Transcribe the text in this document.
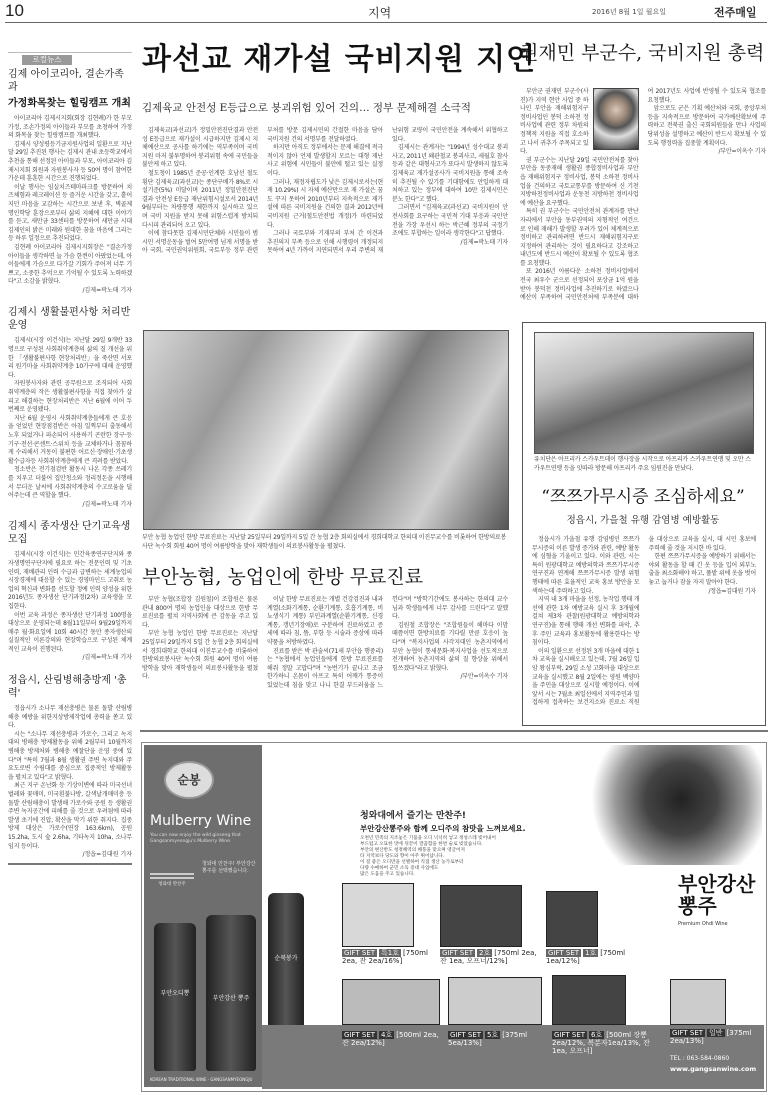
10	지역	2016년 8월 1일 월요일	전주매일
로컬뉴스
김제 아이코리아, 결손가족과
가정화목찾는 힐링캠프 개최

아이코리아 김제시지회(회장 김현례)가 한 부모 가정, 조손가정의 아이들과 부모를 초청하여 가정의 화목을 찾는 힐링캠프를 개최했다.

김제시 양성평등기금지원사업의 일환으로 지난달 29일 추진된 행사는 김제시 관내 초등학교에서 추천을 통해 선정된 아이들과 부모, 아이코리아 김제시지회 회원과 자원봉사자 등 50여 명이 참여한 가운데 훈훈한 시간으로 진행되었다.

이날 행사는 임실치즈테마파크를 방문하여 치즈체험과 레크레이션 등 즐거운 시간을 갖고, 흩어지던 마음을 교감하는 시간으로 보낸 후, 벽골제 명인학당 훈장으로부터 삶의 지혜에 대한 이야기를 듣고, 새만금 33센터를 방문하여 새만금 시대 김제인의 밝은 미래와 원대한 꿈을 마음에 그리는 등 하루 일정으로 추진되었다.

김현례 아이코리아 김제시지회장은 "결손가정 아이들을 생각하면 늘 가슴 한켠이 아팠었는데, 아이들에게 가슴으로 다가갈 기회가 주어져 너무 기쁘고, 소중한 추억으로 기억될 수 있도록 노력하겠다"고 소감을 밝혔다.

/김제=곽노태 기자
김제시 생활불편사항 처리반 운영

김제시(시장 이건식)는 지난달 29일 9개반 33명으로 구성된 사회취약계층의 삶의 질 개선을 위한 「생활불편사항 현장처리반」을 죽산면 서포리 원기마을 사회취약계층 10가구에 대해 운영했다.

자원봉사자와 관련 공무원으로 조직되어 사회취약계층의 작은 생활불편사항을 직접 찾아가 살피고 해결하는 현장처리반은 지난 6월에 이어 두 번째로 운영됐다.

지난 6월 운영시 사회취약계층들에게 큰 호응을 얻었던 현장점검반은 아침 일찍부터 출동해서 노후 되었거나 파손되어 사용하기 곤란한 장구·등기구·전선·콘센트·스위치 등을 교체하거나 꼼꼼하게 수리해서 거동이 불편한 어르신·장애인·기초생활수급자등 사회취약계층에게 큰 격려를 받았다.

청소반은 전기점검반 활동시 나온 각종 쓰레기를 치우고 더불어 집안청소와 정리정돈을 시행해서 무더운 날씨에 사회취약계층의 수고로움을 덜어주는데 큰 역할을 했다.

/김제=곽노태 기자
김제시 종자생산 단기교육생 모집

김제시(시장 이건식)는 민간육종연구단지와 종자생명연구단지에 필요로 하는 전문인력 및 기초인력, 재배관리 인력 수급과 급변하는 세계농업의 시장경제에 대응할 수 있는 경영마인드 고취로 농업의 혁신과 변화를 선도할 정예 인력 양성을 위한 2016년도 종자생산 단기과정(2차) 교육생을 모집한다.

이번 교육 과정은 종자생산 단기과정 100명을 대상으로 운영되는데 8월11일부터 9월29일까지 매주 월·화요일에 10회 40시간 동안 종자생산의 실질적인 이론강의와 현장학습으로 구성된 체계적인 교육이 진행된다.

/김제=곽노태 기자
정읍시, 산림병해충방제 '총력'

정읍시가 소나무 재선충병은 물론 돌발 산림병해충 예방을 위한지상방제작업에 총력을 쏟고 있다.

시는 "소나무 재선충병과 가로수, 그리고 녹지대의 병해충 방제활동을 위해 2월부터 10월까지 병해충 방제처와 병해충 예찰단을 운영 중에 있다"며 "특히 7월과 8월 생활권 주변 녹지대와 주요도로변 수림대를 중심으로 집중적인 방제활동을 펼치고 있다"고 밝혔다.

최근 지구 온난화 등 기상이변에 따라 미국선녀벌레와 꽃매미, 미국흰불나방, 갈색날개매미충 등 돌발 산림해충이 발생해 가로수와 공원 등 생활권 주변 녹지공간에 피해를 줄 것으로 우려됨에 따라 발생 초기에 진압, 확산을 막기 위한 취지다. 집중방제 대상은 가로수(연장 163.6km), 공원 15.2ha, 도시 숲 2.6ha, 기타녹지 10ha, 소나무 임지 등이다.

/정읍=김대원 기자
과선교 재가설 국비지원 지연
김제육교 안전성 E등급으로 붕괴위험 있어 건의… 정부 문제해결 소극적

김제육교(과선교)가 정밀안전진단결과 안전성 E등급으로 재가설이 시급하지만 김제시 지체예산으로 공사를 하기에는 역부족이며 국비지원 마저 불투명하여 붕괴위험 속에 국민들을 불안케 하고 있다.

철도청이 1985년 준공·인계한 호남선 철도횡단 김제육교(과선교)는 종단구배가 8%로 시설기준(5%) 미달이며 2011년 정밀안전진단결과 안전성 E등급 재난위험시설로서 2014년 9월부터는 차량통행 제한까지 실시하고 있으며 국비 지원을 받지 못해 위험스럽게 방치되다시피 관리되어 오고 있다.

이에 참다못한 김제시민단체와 시민들이 범시민 서명운동을 벌여 5만여명 넘게 서명을 받아 국회, 국민권익위원회, 국토부등 정부 관련 부처를 방문 김제시민의 간절한 마음을 담아 국비지원 건의 서명부를 전달하였다.

하지만 아직도 정부에서는 문제 해결에 적극적이지 않아 언제 발생할지 모르는 대형 재난사고 위험에 시민들이 불안에 떨고 있는 실정이다.

그러나, 재정자립도가 낮은 김제시로서는(현재 10.29%) 시 자체 예산만으로 재 가설은 꿈도 꾸지 못하여 2010년부터 지속적으로 재가설에 따른 국비지원을 건의한 결과 2012년에 국비지원 근거(철도안전법 개정)가 마련되었다.

그러나 국토부와 기재부의 부처 간 이견과 추진의지 부족 등으로 인해 시행령이 개정되지 못하여 4년 가까이 지연되면서 우리 주변의 재난위험 교량이 국민안전을 계속해서 위협하고 있다.

김제시는 관계자는 "1994년 성수대교 붕괴사고, 2011년 왜관철교 붕괴사고, 세월호 참사 등과 같은 대형사고가 또다시 발생하지 않도록 김제육교 재가설공사가 국비지원을 통해 조속히 추진될 수 있기를 기대함에도 안일하게 대처하고 있는 정부에 대하여 10만 김제시민은 분노 한다"고 했다.

그러면서 "김제육교(과선교) 국비지원이 안전사회를 요구하는 국민적 기대 부응과 국민안전을 가장 우선시 하는 박근혜 정부의 국정기조에도 부합하는 일이라 생각한다"고 답했다.

/김제=곽노태 기자
부안 농협 농업인 한방 무료진료는 지난달 25일부터 29일까지 5일 간 농협 2층 회의실에서 경희대학교 한의대 이진무교수를 비롯하여 한방의료봉사단 녹수회 회원 40여 명이 여름방학을 맞아 재학생들이 의료봉사활동을 펼쳤다.
부안농협, 농업인에 한방 무료진료

부안 농협(조합장 김원철)이 조합원은 물론 관내 800여 명의 농업인을 대상으로 한방 무료진료를 펼쳐 지역사회에 큰 감동을 주고 있다.

부안 농협 농업인 한방 무료진료는 지난달 25일부터 29일까지 5일 간 농협 2층 회의실에서 경희대학교 한의대 이진무교수를 비롯하여 한방의료봉사단 녹수회 회원 40여 명이 여름방학을 맞아 재학생들이 의료봉사활동을 펼쳤다.

이날 한방 무료진료는 개별 건강검진과 내과계열(소화기계통, 순환기계통, 호흡기계통, 비뇨생식기 계통) 부인과계열(순환기계통, 신경계통, 갱년기장애)로 구분하여 진료하였고 증세에 따라 침, 뜸, 부항 등 시술과 증상에 따라 약품을 처방하였다.

진료를 받은 박 관술씨(71세 부안읍 행중리)는 "농협에서 농업인들에게 한방 무료진료를 해줘 정말 고맙다"며 "농번기가 끝나고 조금 한가하니 온몸이 아프고 특히 어깨가 통증이 있었는데 침을 맞고 나니 한결 부드러움을 느낀다"며 "방학기간에도 봉사하는 한의대 교수님과 학생들에게 너무 감사를 드린다"고 말했다.

김원철 조합장은 "조합원들이 해마다 이맘때쯤이면 한방치료를 기다릴 만큼 호응이 높다"며 "복지사업의 사각지대인 농촌지역에서 부안 농협이 통세문화·복지사업을 선도적으로 전개하여 농촌지역의 삶의 질 향상을 위해서 힘쓰겠다"라고 밝혔다.

/부안=이옥수 기자
권재민 부군수, 국비지원 총력

부안군 권재민 부군수(사진)가 지역 현안 사업 중 하나인 부안읍 재해위험지구 정비사업인 봉덕 소하천 정비사업에 관련 정부 차원의 정책적 지원을 직접 호소하고 나서 귀추가 주목되고 있다.

권 부군수는 지난달 29일 국민안전처를 찾아 부안읍 동중재해 생활권 종합정비사업과 부안읍 재해위험지구 정비사업, 봉덕 소하천 정비사업을 건의하고 국토교통부를 방문하여 신 기천 지방하천정비사업과 운동천 지방하천 정비사업에 예산을 요구했다.

특히 권 부군수는 국민안전처 관계자를 만난 자리에서 부안읍 동부권역의 지형적인 여건으로 인해 재해가 발생할 우려가 있어 체계적으로 정비하고 관리하려면 반드시 재해위험지구로 지정하여 관리하는 것이 필요하다고 강조하고 내년도에 반드시 예산이 확보될 수 있도록 협조를 요청했다.

또 2016년 아름다운 소하천 정비사업에서 전국 최우수 군으로 선정되어 포상금 1억 원을 받아 봉덕천 정비사업에 추진하기로 하였으나 예산이 부족하여 국민안전처에 부족분에 대하여 2017년도 사업에 반영될 수 있도록 협조를 요청했다.

앞으로도 군은 기획 예산처와 국회, 중앙부처 등을 지속적으로 방문하여 국가예산확보에 주력하고 전북권 출신 국회의원들을 만나 사업의 당위성을 설명하고 예산이 반드시 확보될 수 있도록 행정력을 집중할 계획이다.

/부안=이옥수 기자
유치단은 아프리카 스카우트데이 행사장을 시작으로 아프리카 스카우트연맹 및 오만 스카우트연맹 등을 잇따라 방문해 아프리카 주요 임원진을 만났다.
“쯔쯔가무시증 조심하세요”
정읍시, 가을철 유행 감염병 예방활동

정읍시가 가을철 유행 감염병인 쯔쯔가무시증의 이른 발생 증가와 관련, 예방 활동에 심혈을 기울이고 있다. 이와 관련, 시는 특히 원광대학교 예방의학과 쯔쯔가무시증 연구진과 연계해 쯔쯔가무시증 발생 위험 행태에 따른 효율적인 교육 홍보 방안을 모색하는데 주력하고 있다.

지역 내 3개 마을을 선정, 농작업 행태 개선에 관한 1차 예방교육 실시 후 3개월에 걸쳐 제3차 관찰(원광대학교 예방의학과 연구진)을 통해 행태 개선 변화를 파악, 추후 주민 교육과 홍보활동에 활용한다는 방침이다.

이의 일환으로 선정된 3개 마을에 대한 1차 교육을 실시해오고 있는데, 7월 26일 입암 왕심부락, 29일 소성 고화마을 대상으로 교육을 실시했고 8월 2일에는 영원 백양마을 주민을 대상으로 실시할 예정이다. 이에 앞서 시는 7월초 최일선에서 지역주민과 밀접하게 접촉하는 보건지소와 진료소 직원을 대상으로 교육을 실시, 대 시민 홍보에 주력해 줄 것을 지시한 바 있다.

한편 쯔쯔가무시증을 예방하기 위해서는 야외 활동을 할 때 긴 옷 등을 입어 외부노출을 최소화해야 하고, 풀밭 위에 옷을 벗어놓고 눕거나 잠을 자지 말아야 한다.

/정읍=김대원 기자
순봉
Mulberry Wine
You can now enjoy the wild ginseng that Gangsanmyeongju's Mulberry Wine.
청와대 만찬주
청와대 만찬주! 부안강산뽕주를 선택했습니다.
부안오디뽕
부안강산 뽕주
KOREAN TRADITIONAL WINE · GANGSANMYEONGJU
청와대에서 즐기는 만찬주!
부안강산뽕주와 함께 오디주의 참맛을 느껴보세요.
오천년 민족의 지조놓은 기품을 오디 넉넉히 넣고 정성스레 빚어내어
부드럽고 오묘한 맛에 뒤끝이 깔끔함을 한번 술로 빚었습니다.
부안의 변산반도 청정해역의 해풍을 맞으며 영글어져
타 지역보다 당도와 향이 아주 뛰어납니다.
이 질 좋은 오디만을 선별하여 직접 생산 농가로부터
다량 수매하여 군민 소득 증대 사업에도
많은 도움을 주고 있습니다.
순북봉가
GIFT SET 특1호 [750ml 2ea, 잔 2ea/16%]
GIFT SET 2호 [750ml 2ea, 잔 1ea, 오프너/12%]
GIFT SET 1호 [750ml 1ea/12%]
부안강산 뽕주
Premium Ohdi Wine
GIFT SET 4호 [500ml 2ea, 잔 2ea/12%]
GIFT SET 5호 [375ml 5ea/13%]
GIFT SET 6호 [500ml 장뽕2ea/12%, 복분자1ea/13%, 잔 1ea, 오프너]
GIFT SET 일반 [375ml 2ea/13%]
TEL : 063-584-0860
www.gangsanwine.com
